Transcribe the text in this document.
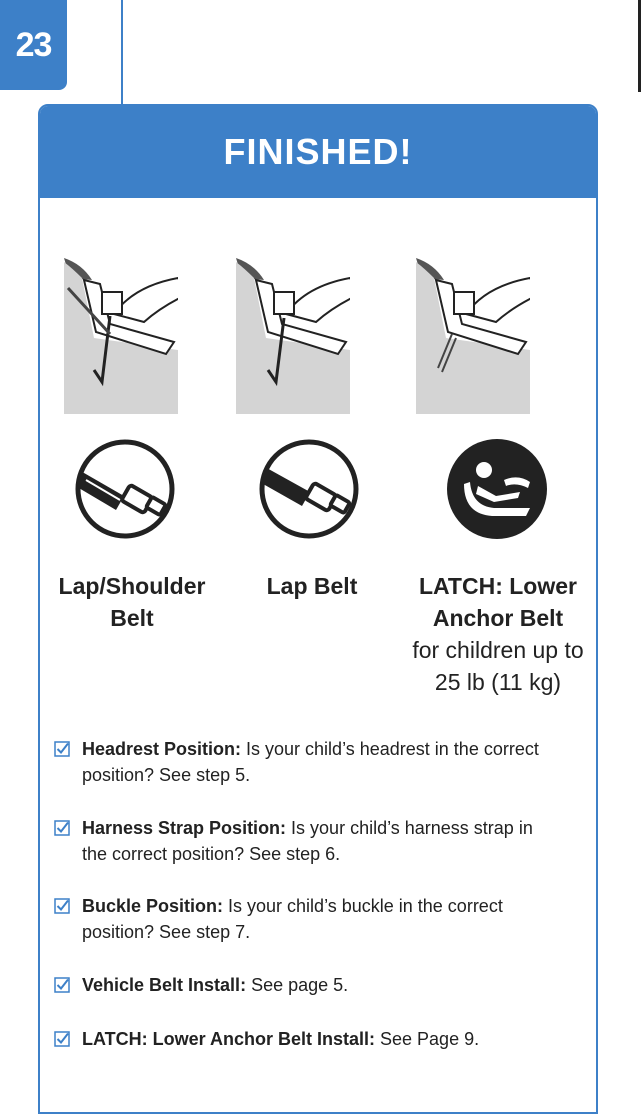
23
FINISHED!
Lap/Shoulder Belt
Lap Belt	LATCH: Lower Anchor Belt
for children up to 25 lb (11 kg)
Headrest Position: Is your child’s headrest in the correct position? See step 5.
Harness Strap Position: Is your child’s harness strap in the correct position? See step 6.
Buckle Position: Is your child’s buckle in the correct position? See step 7.
Vehicle Belt Install: See page 5.
LATCH: Lower Anchor Belt Install: See Page 9.
